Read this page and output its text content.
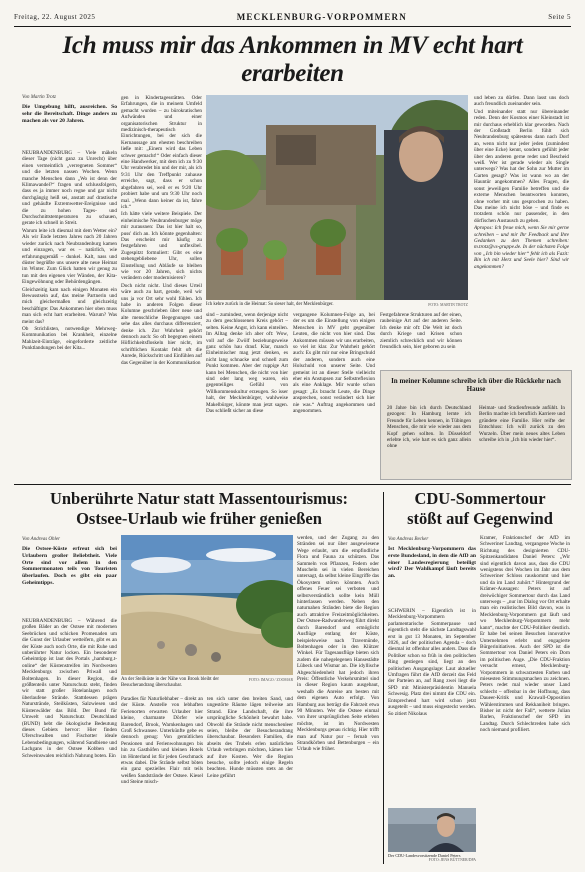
Freitag, 22. August 2025	MECKLENBURG-VORPOMMERN	Seite 5
Ich muss mir das Ankommen in MV echt hart erarbeiten
Von Martin Trotz
Die Umgebung hilft, ausreichen. So sehr die Bereitschaft. Dinge anders zu machen als vor 20 Jahren.

NEUBRANDENBURG – Viele mäkeln dieser Tage (nicht ganz zu Unrecht) über einen vermeintlich „verregneten Sommer“ und die letzten nassen Wochen. Wenn manche Menschen dann „Wo ist denn der Klimawandel?“ fragen und schlussfolgern, dass es ja immer noch regne und gar nicht durchgängig heiß sei, anstatt auf drastische und gehäufte Extremwetter-Ereignisse und die zu hohen Tages- und Durchschnittstemperaturen zu schauen, gerate ich schnell in Streit.

Warum leite ich diesmal mit dem Wetter ein? Als wir Ende letzten Jahres nach 20 Jahren wieder zurück nach Neubrandenburg kamen und einzogen, war es – natürlich, wie erfahrungsgemäß – dunkel. Kalt, nass und düster begrüßte uns unsere alte neue Heimat im Winter. Zum Glück hatten wir genug zu tun mit den eigenen vier Wänden, der Kita-Eingewöhnung oder Behördengängen.

Gleichzeitig kam nach einigen Monaten ein Bewusstsein auf, das meine Partnerin und mich gleichermaßen und gleichzeitig beschäftigte: Das Ankommen hier oben muss man sich echt hart erarbeiten. Warum? Was meint das?

Ob Strichlisten, notwendige Mehrweg-Kommunikation bei Krankheit, einzelne Mahlzeit-Einträge, eingeforderte zeitliche Punktlandungen bei der Kita...

gen in Kindertagesstätten. Oder Erfahrungen, die in meinem Umfeld gemacht wurden – zu bürokratischen Aufwänden und einer organisatorischen Struktur in medizinisch-therapeutisch Einrichtungen, bei der sich die Kernaussage am ehesten beschreiben ließe mit: „Einem wird das Leben schwer gemacht!“ Oder einfach dieser eine Handwerker, mit dem ich zu 9:30 Uhr verabredet bin und der mir, als ich 9:31 Uhr den Treffpunkt zuhause erreiche, sagt, dass er schon abgefahren sei, weil er es 9:20 Uhr probiert habe und um 9:30 Uhr noch mal. „Wenn dann keiner da ist, fahre ich.“

Ich hätte viele weitere Beispiele. Der einheimische Neubrandenburger möge mir zurausnen: Das ist hier halt so, puss' dich an. Ich könnte gegenhalten: Das erscheint mir häufig zu festgefahren und unflexibel. Zugespitzt formuliert: Gibt es eine stehengebliebene Uhr, sollen Einstellung und Abläufe so bleiben wie vor 20 Jahren, sich nichts verändern oder modernisieren?

Doch nicht nicht. Und dieses Urteil wäre auch zu hart, gerade, weil wir uns ja vor Ort sehr wohl fühlen. Ich habe in anderen Folgen dieser Kolumne geschrieben über neue und alte menschliche Begegnungen und sehe das alles durchaus differenziert, denke ich. Zur Wahrheit gehört dennoch auch: So oft begegnen einem Höflichkeitsfloskeln hier nicht, im schriftlichen Kontakt fehlt oft die Anrede, Rückschritt und Einfühlen auf das Gegenüber in der Kommunikation

FOTO: MARTIN TROTZ
Ich kehre zurück in die Heimat: So sieser halt, der Mecklenbürger.
sind – zumindest, wenn derjenige nicht zu dem geschlossenen Kreis gehört – selten. Keine Angst, ich kann einteilen. Im Alltag denke ich aber oft: Wow, voll auf die Zwölf beziehungsweise ganz schön hau drauf. Klar, manch Einheimischer mag jetzt denken, es nicht lang schnacke und schnell zum Punkt kommen. Aber der ruppige Art kann bei Menschen, die nicht von hier sind oder lang weg waren, ein gegenteiliges Gefühl von Willkommenskultur erzeugen. So isser halt, der Mecklenbürger, wahlweise Makelbürger, könnte man jetzt sagen. Das schließt sicher an diese
vergangene Kolumnen-Folge an, bei der es um die Einstellung von einigen Menschen in MV geht gegenüber Leuten, die nicht von hier sind. Das Ankommen müssen wir uns erarbeiten, so viel ist klar. Zur Wahrheit gehört auch: Es gibt mir nur eine Bringschuld der anderen, sondern auch eine Holschuld von unserer Seite. Und gemeint ist an dieser Stelle vielleicht eher ein Anstupsen zur Selbstreflexion als eine Anklage. Mir wurde schon gesagt: „Es braucht Leute, die Dinge ansprechen, sonst verändert sich hier nie was.“ Auftrag angekommen und angenommen.
Festgefahrene Strukturen auf der einen, raubeinige Art auf der anderen Seite. Ich denke mir oft: Die Welt ist doch durch Kriege und Krisen schon ziemlich schrecklich und wir können freundlich sein, hier geboren zu sein

und leben zu dürfen. Dann lasst uns doch auch freundlich zueinander sein.

Und miteinander statt nur übereinander reden. Denn der Kosmos einer Kleinstadt ist mir durchaus erheblich klar geworden. Nach der Großstadt Berlin fühlt sich Neubrandenburg spätestens dann nach Dorf an, wenn nicht nur jeder jeden (zumindest über eine Ecke) kennt, sondern gefühlt jeder über den anderen gerne redet und Bescheid weiß. Wer ist gerade wieder als Single unterwegs? Was hat der Sohn zur Mutter im Garten gesagt? Was ist wann wo an der Hauntür angekommen? Alles Fragen, die sonst jeweiligen Familie betreffen und die externe Menschen beantworten konnten, ohne vorher mit uns gesprochen zu haben. Das meine ich nicht böse – und finde es trotzdem schön nur passender, in den dörfischen Austausch zu gehen.

Apropos: Ich freue mich, wenn Sie mir gerne schreiben – und mir Ihr Feedback und Ihre Gedanken zu den Themen schreiben: m.trotz@vs-gruppe.de. In der nächsten Folge von „Ich bin wieder hier“ fehlt ich als Fazit: Bin ich mit Herz und Seele hier? Sind wir angekommen?

In meiner Kolumne schreibe ich über die Rückkehr nach Hause
20 Jahre bin ich durch Deutschland gezogen: In Hamburg lernte ich Freunde für Leben kennen, in Tübingen Menschen, die mir wie wieder aus dem Kopf gehen sollten. In Düsseldorf erlebte ich, wie hart es sich ganz allein ohne
Heimat- und Studienfreunde anfühlt. In Berlin machte ich beruflich Karriere und gründete eine Familie. Hier reifte der Entschluss: Ich will zurück zu den Wurzeln. Über mein neues altes Leben schreibe ich in „Ich bin wieder hier“.
Unberührte Natur statt Massentourismus:
Ostsee-Urlaub wie früher genießen
Von Andreas Ohler
Die Ostsee-Küste erfreut sich bei Urlaubern großer Beliebtheit. Viele Orte sind vor allem in den Sommermonaten teils von Touristen überlaufen. Doch es gibt ein paar Geheimtipps.
NEUBRANDENBURG – Während die großen Bäder an der Ostsee mit modernen Seebrücken und schicken Promenaden um die Gunst der Urlauber wetteifern, gibt es an der Küste auch noch Orte, die mit Ruhe und unberührter Natur locken. Ein besonderer Geheimtipp ist laut des Portals „hamburg.t-online“ der Küstenstreifen im Nordwesten Mecklenburgs zwischen Priwall und Boltenhagen. In dieser Region, die größtenteils unter Naturschutz steht, finden wir statt großer Hotelanlagen noch überlaufene Strände. Stattdessen prägen Naturstrände, Steilküsten, Salzwiesen und Küstenwälder das Bild. Der Bund für Umwelt und Naturschutz Deutschland (BUND) hebt die ökologische Bedeutung dieses Gebiets hervor: Hier finden Uferschwalben und Fischotter ideale Lebensbedingungen, während Sandbiene und Lachgans in der Ostsee Kobben und Schweinswalen reichlich Nahrung boten. Ein
FOTO: IMAGO / ZOOMAR
An der Steilküste in der Nähe von Brook bleibt der Besucherandrang überschaubar.
Paradies für Naturliebhaber – direkt an der Küste. Anstelle von lebhaften Ferienorten erwarten Urlauber hier kleine, charmante Dörfer wie Barendorf, Brook, Warnkenhagen und Groß Schwansee. Unterkünfte gebe es dennoch genug: Von gemütlichen Pensionen und Ferienwohnungen bis hin zu Gasthöfen und kleinen Hotels im Hinterland ist für jeden Geschmack etwas dabei. Die Strände selbst böten ein ganz spezielles Flair mit teils weißen Sandstrände der Ostsee. Kiesel und Steine misch-
ten sich unter den breiten Sand, und ungestörte Räume lägen teilweise am Strand. Eine Landschaft, die ihre ursprüngliche Schönheit bewahrt habe. Obwohl die Strände nicht menschenleer seien, bleibe der Besucherandrang überschaubar. Besonders Familien, die abseits des Trubels erlen natürlichen Urlaub verbringen möchten, kämen hier auf ihre Kosten. Wer die Region besuche, sollte jedoch einige Regeln beachten. Hunde müssten stets an der Leine geführt
werden, und der Zugang zu den Stränden sei nur über ausgewiesene Wege erlaubt, um die empfindliche Flora und Fauna zu schützen. Das Sammeln von Pflanzen, Federn oder Muscheln sei in vielen Bereichen untersagt, da selbst kleine Eingriffe das Ökosystem stören könnten. Auch offenes Feuer sei verboten und selbstverständlich sollte kein Müll hinterlassen werden. Neben den naturnahen Stränden biete die Region auch attraktive Freizeitmöglichkeiten. Der Ostsee-Radwanderweg führt direkt durch Barendorf und ermöglicht Ausflüge entlang der Küste, beispielsweise nach Travemünde, Boltenhagen oder in den Klützer Winkel. Für Tagesausflüge bieten sich zudem die nahegelegenen Hansestädte Lübeck und Wismar an. Die idyllische Abgeschiedenheit hat jedoch ihren Preis: Öffentliche Verkehrsmittel sind in dieser Region kaum ausgebaut, weshalb die Anreise am besten mit dem eigenen Auto erfolgt. Von Hamburg aus beträgt die Fahrzeit etwa 90 Minuten. Wer die Ostsee einmal von ihrer ursprünglichen Seite erleben möchte, ist im Nordwesten Mecklenburgs genau richtig. Hier trifft man auf Natur pur – fernab von Strandkörben und Bettenburgen – ein Urlaub wie früher.
CDU-Sommertour
stößt auf Gegenwind
Von Andreas Becker
Ist Mecklenburg-Vorpommern das erste Bundesland, in dem die AfD an einer Landesregierung beteiligt wird? Der Wahlkampf läuft bereits an.
SCHWERIN – Eigentlich ist in Mecklenburg-Vorpommern parlamentarische Sommerpause und eigentlich steht die nächste Landtagswahl erst in gut 13 Monaten, im September 2026, auf der politischen Agenda – doch diesmal ist offenbar alles anders. Dass die Politiker schon so früh in den politischen Ring gestiegen sind, liegt an den politischen Ausgangslage: Laut aktueller Umfragen führt die AfD derzeit das Feld der Parteien an, auf Rang zwei liegt die SPD mit Ministerpräsidentin Manuela Schwesig. Platz drei nimmt die CDU ein. Entsprechend hart wird schon jetzt ausgeteilt – und muss eingesteckt werden. So zitiert Nikolaus
Der CDU-Landesvorsitzende Daniel Peters
FOTO: JENS BÜTTNER/DPA
Kramer, Fraktionschef der AfD im Schweriner Landtag, vergangene Woche in Richtung des designierten CDU-Spitzenkandidaten Daniel Peters: „Wir sind eigentlich davon aus, dass die CDU wenigstens drei Wochen im Jahr aus dem Schweriner Schloss rauskommt und hier und da im Land zuhört.“ Hintergrund der Krämer-Aussagen: Peters ist auf dreiwöchiger Sommertour durch das Land unterwegs – „nur im Dialog vor Ort erhalte man ein realistisches Bild davon, was in Mecklenburg-Vorpommern gut läuft und wo Mecklenburg-Vorpommern mehr kann“, machte der CDU-Politiker deutlich. Er habe bei seinen Besuchen innovative Unternehmen erlebt und engagierte Bürgerinitiativen. Auch der SPD ist die Sommertour von Daniel Peters ein Dorn im politischen Auge. „Die CDU-Fraktion versucht erneut, Mecklenburg-Vorpommern in schwarzesten Farben und miesesten Stimmungsmachen zu zeichnen. Peters redet mal wieder unser Land schlecht – offenbar in der Hoffnung, dass Daueer-Kritik und Krawall-Opposition Wählerstimmen und Rekkaniheit bringen. Bisher ist nicht der Fall“, wetterte Julian Barlen, Fraktionschef der SPD im Landtag. Durch Schlechtreden habe sich noch niemand profiliert.
